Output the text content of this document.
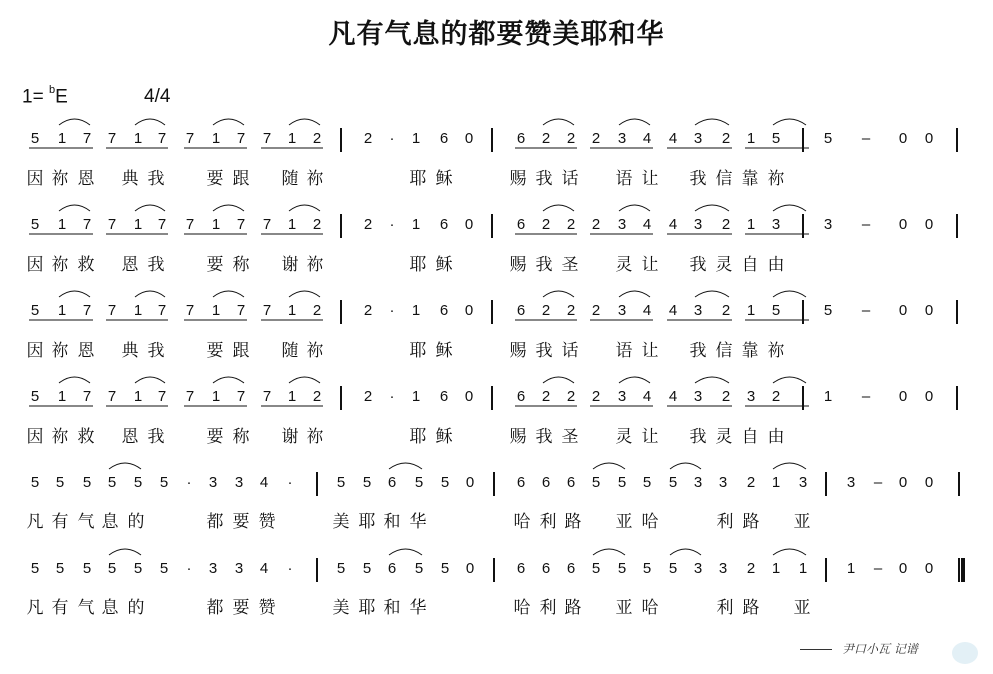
凡有气息的都要赞美耶和华
1= $^b$E	4/4
5 1 7 7 1 7 7 1 7 7 1 2	2 · 1 6 0	6 2 2 2 3 4 4 3 2 1 5	5 – 0 0
因 祢 恩 典 我 要 跟 随 祢	耶 稣	赐 我 话 语 让 我 信 靠 祢
5 1 7 7 1 7 7 1 7 7 1 2	2 · 1 6 0	6 2 2 2 3 4 4 3 2 1 3	3 – 0 0
因 祢 救 恩 我 要 称 谢 祢	耶 稣	赐 我 圣 灵 让 我 灵 自 由
5 1 7 7 1 7 7 1 7 7 1 2	2 · 1 6 0	6 2 2 2 3 4 4 3 2 1 5	5 – 0 0
因 祢 恩 典 我 要 跟 随 祢	耶 稣	赐 我 话 语 让 我 信 靠 祢
5 1 7 7 1 7 7 1 7 7 1 2	2 · 1 6 0	6 2 2 2 3 4 4 3 2 3 2	1 – 0 0
因 祢 救 恩 我 要 称 谢 祢	耶 稣	赐 我 圣 灵 让 我 灵 自 由
5 5 5 5 5 5 · 3 3 4 ·	5 5 6 5 5 0	6 6 6 5 5 5 5 3 3 2 1 3	3 – 0 0
凡 有 气 息 的	都 要 赞	美 耶 和 华	哈 利 路 亚 哈	利 路 亚
5 5 5 5 5 5 · 3 3 4 ·	5 5 6 5 5 0	6 6 6 5 5 5 5 3 3 2 1 1	1 – 0 0
凡 有 气 息 的	都 要 赞	美 耶 和 华	哈 利 路 亚 哈	利 路 亚
尹口小瓦 记谱
